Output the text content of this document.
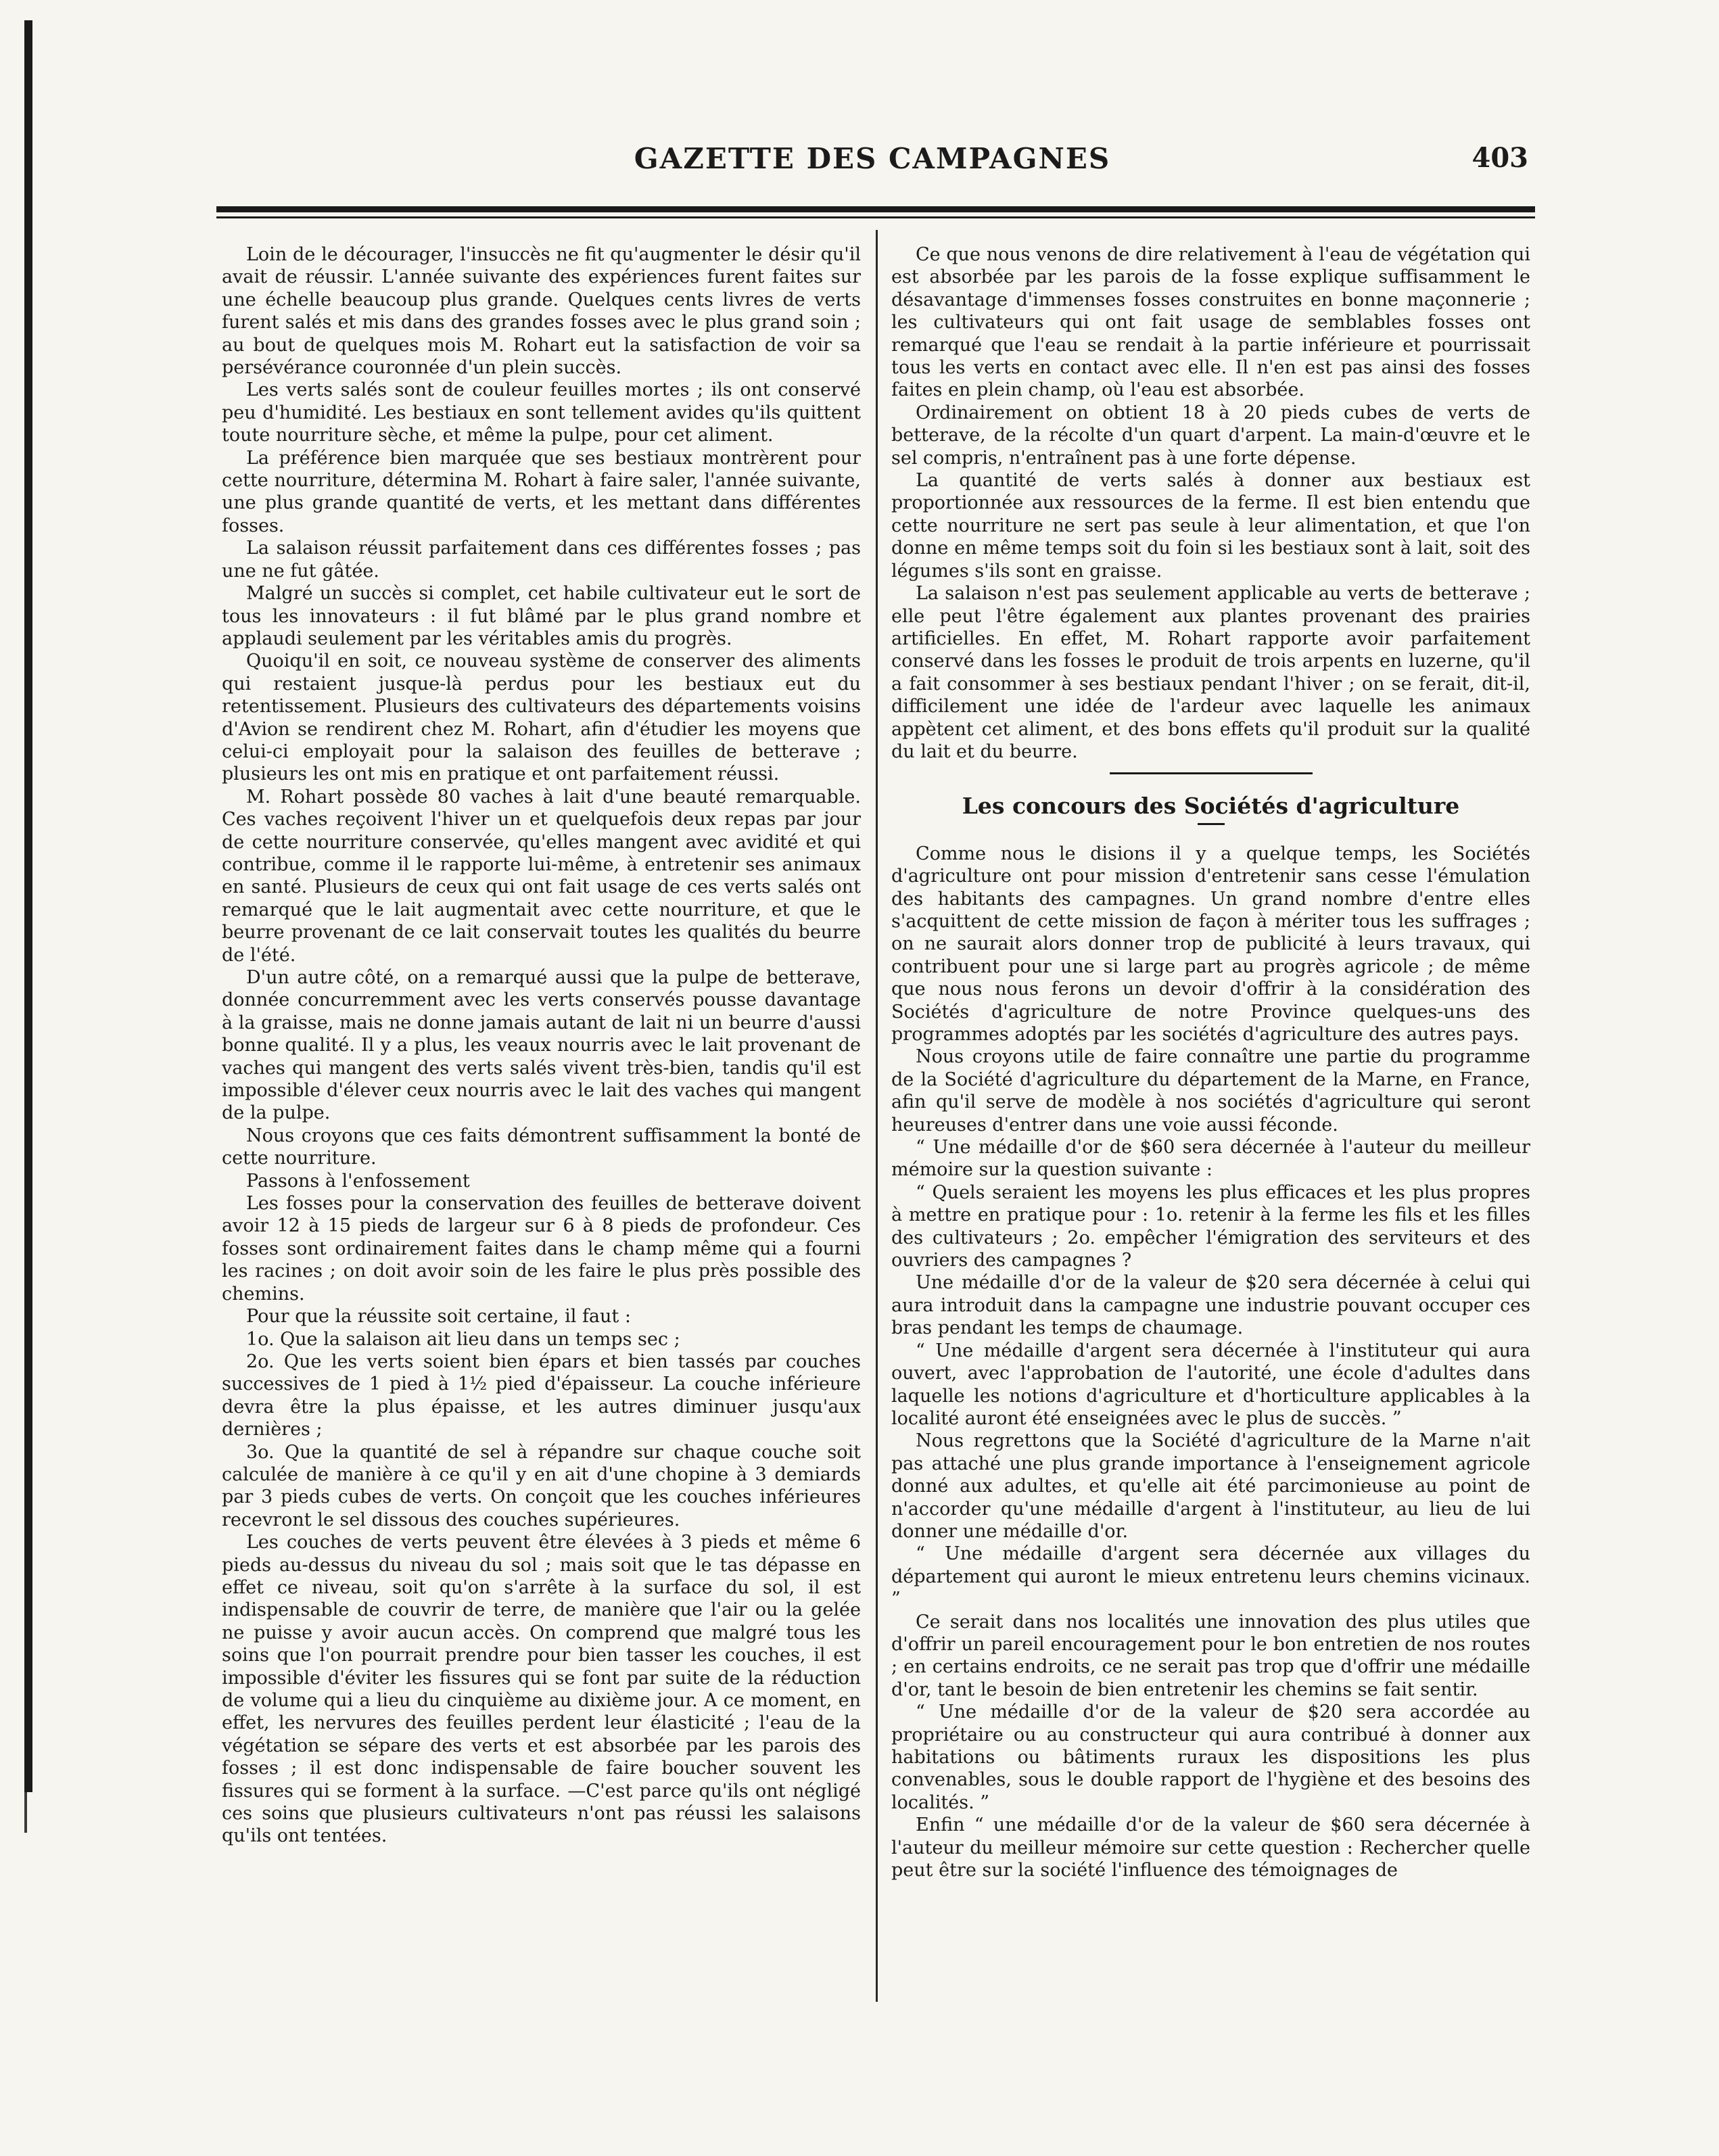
GAZETTE DES CAMPAGNES	403

Loin de le décourager, l'insuccès ne fit qu'augmenter le désir qu'il avait de réussir. L'année suivante des expériences furent faites sur une échelle beaucoup plus grande. Quelques cents livres de verts furent salés et mis dans des grandes fosses avec le plus grand soin ; au bout de quelques mois M. Rohart eut la satisfaction de voir sa persévérance couronnée d'un plein succès.

Les verts salés sont de couleur feuilles mortes ; ils ont conservé peu d'humidité. Les bestiaux en sont tellement avides qu'ils quittent toute nourriture sèche, et même la pulpe, pour cet aliment.

La préférence bien marquée que ses bestiaux montrèrent pour cette nourriture, détermina M. Rohart à faire saler, l'année suivante, une plus grande quantité de verts, et les mettant dans différentes fosses.

La salaison réussit parfaitement dans ces différentes fosses ; pas une ne fut gâtée.

Malgré un succès si complet, cet habile cultivateur eut le sort de tous les innovateurs : il fut blâmé par le plus grand nombre et applaudi seulement par les véritables amis du progrès.

Quoiqu'il en soit, ce nouveau système de conserver des aliments qui restaient jusque-là perdus pour les bestiaux eut du retentissement. Plusieurs des cultivateurs des départements voisins d'Avion se rendirent chez M. Rohart, afin d'étudier les moyens que celui-ci employait pour la salaison des feuilles de betterave ; plusieurs les ont mis en pratique et ont parfaitement réussi.

M. Rohart possède 80 vaches à lait d'une beauté remarquable. Ces vaches reçoivent l'hiver un et quelquefois deux repas par jour de cette nourriture conservée, qu'elles mangent avec avidité et qui contribue, comme il le rapporte lui-même, à entretenir ses animaux en santé. Plusieurs de ceux qui ont fait usage de ces verts salés ont remarqué que le lait augmentait avec cette nourriture, et que le beurre provenant de ce lait conservait toutes les qualités du beurre de l'été.

D'un autre côté, on a remarqué aussi que la pulpe de betterave, donnée concurremment avec les verts conservés pousse davantage à la graisse, mais ne donne jamais autant de lait ni un beurre d'aussi bonne qualité. Il y a plus, les veaux nourris avec le lait provenant de vaches qui mangent des verts salés vivent très-bien, tandis qu'il est impossible d'élever ceux nourris avec le lait des vaches qui mangent de la pulpe.

Nous croyons que ces faits démontrent suffisamment la bonté de cette nourriture.

Passons à l'enfossement

Les fosses pour la conservation des feuilles de betterave doivent avoir 12 à 15 pieds de largeur sur 6 à 8 pieds de profondeur. Ces fosses sont ordinairement faites dans le champ même qui a fourni les racines ; on doit avoir soin de les faire le plus près possible des chemins.

Pour que la réussite soit certaine, il faut :

1o. Que la salaison ait lieu dans un temps sec ;

2o. Que les verts soient bien épars et bien tassés par couches successives de 1 pied à 1½ pied d'épaisseur. La couche inférieure devra être la plus épaisse, et les autres diminuer jusqu'aux dernières ;

3o. Que la quantité de sel à répandre sur chaque couche soit calculée de manière à ce qu'il y en ait d'une chopine à 3 demiards par 3 pieds cubes de verts. On conçoit que les couches inférieures recevront le sel dissous des couches supérieures.

Les couches de verts peuvent être élevées à 3 pieds et même 6 pieds au-dessus du niveau du sol ; mais soit que le tas dépasse en effet ce niveau, soit qu'on s'arrête à la surface du sol, il est indispensable de couvrir de terre, de manière que l'air ou la gelée ne puisse y avoir aucun accès. On comprend que malgré tous les soins que l'on pourrait prendre pour bien tasser les couches, il est impossible d'éviter les fissures qui se font par suite de la réduction de volume qui a lieu du cinquième au dixième jour. A ce moment, en effet, les nervures des feuilles perdent leur élasticité ; l'eau de la végétation se sépare des verts et est absorbée par les parois des fosses ; il est donc indispensable de faire boucher souvent les fissures qui se forment à la surface. —C'est parce qu'ils ont négligé ces soins que plusieurs cultivateurs n'ont pas réussi les salaisons qu'ils ont tentées.

Ce que nous venons de dire relativement à l'eau de végétation qui est absorbée par les parois de la fosse explique suffisamment le désavantage d'immenses fosses construites en bonne maçonnerie ; les cultivateurs qui ont fait usage de semblables fosses ont remarqué que l'eau se rendait à la partie inférieure et pourrissait tous les verts en contact avec elle. Il n'en est pas ainsi des fosses faites en plein champ, où l'eau est absorbée.

Ordinairement on obtient 18 à 20 pieds cubes de verts de betterave, de la récolte d'un quart d'arpent. La main-d'œuvre et le sel compris, n'entraînent pas à une forte dépense.

La quantité de verts salés à donner aux bestiaux est proportionnée aux ressources de la ferme. Il est bien entendu que cette nourriture ne sert pas seule à leur alimentation, et que l'on donne en même temps soit du foin si les bestiaux sont à lait, soit des légumes s'ils sont en graisse.

La salaison n'est pas seulement applicable au verts de betterave ; elle peut l'être également aux plantes provenant des prairies artificielles. En effet, M. Rohart rapporte avoir parfaitement conservé dans les fosses le produit de trois arpents en luzerne, qu'il a fait consommer à ses bestiaux pendant l'hiver ; on se ferait, dit-il, difficilement une idée de l'ardeur avec laquelle les animaux appètent cet aliment, et des bons effets qu'il produit sur la qualité du lait et du beurre.

Les concours des Sociétés d'agriculture

Comme nous le disions il y a quelque temps, les Sociétés d'agriculture ont pour mission d'entretenir sans cesse l'émulation des habitants des campagnes. Un grand nombre d'entre elles s'acquittent de cette mission de façon à mériter tous les suffrages ; on ne saurait alors donner trop de publicité à leurs travaux, qui contribuent pour une si large part au progrès agricole ; de même que nous nous ferons un devoir d'offrir à la considération des Sociétés d'agriculture de notre Province quelques-uns des programmes adoptés par les sociétés d'agriculture des autres pays.

Nous croyons utile de faire connaître une partie du programme de la Société d'agriculture du département de la Marne, en France, afin qu'il serve de modèle à nos sociétés d'agriculture qui seront heureuses d'entrer dans une voie aussi féconde.

“ Une médaille d'or de $60 sera décernée à l'auteur du meilleur mémoire sur la question suivante :

“ Quels seraient les moyens les plus efficaces et les plus propres à mettre en pratique pour : 1o. retenir à la ferme les fils et les filles des cultivateurs ; 2o. empêcher l'émigration des serviteurs et des ouvriers des campagnes ?

Une médaille d'or de la valeur de $20 sera décernée à celui qui aura introduit dans la campagne une industrie pouvant occuper ces bras pendant les temps de chaumage.

“ Une médaille d'argent sera décernée à l'instituteur qui aura ouvert, avec l'approbation de l'autorité, une école d'adultes dans laquelle les notions d'agriculture et d'horticulture applicables à la localité auront été enseignées avec le plus de succès. ”

Nous regrettons que la Société d'agriculture de la Marne n'ait pas attaché une plus grande importance à l'enseignement agricole donné aux adultes, et qu'elle ait été parcimonieuse au point de n'accorder qu'une médaille d'argent à l'instituteur, au lieu de lui donner une médaille d'or.

“ Une médaille d'argent sera décernée aux villages du département qui auront le mieux entretenu leurs chemins vicinaux. ”

Ce serait dans nos localités une innovation des plus utiles que d'offrir un pareil encouragement pour le bon entretien de nos routes ; en certains endroits, ce ne serait pas trop que d'offrir une médaille d'or, tant le besoin de bien entretenir les chemins se fait sentir.

“ Une médaille d'or de la valeur de $20 sera accordée au propriétaire ou au constructeur qui aura contribué à donner aux habitations ou bâtiments ruraux les dispositions les plus convenables, sous le double rapport de l'hygiène et des besoins des localités. ”

Enfin “ une médaille d'or de la valeur de $60 sera décernée à l'auteur du meilleur mémoire sur cette question : Rechercher quelle peut être sur la société l'influence des témoignages de
